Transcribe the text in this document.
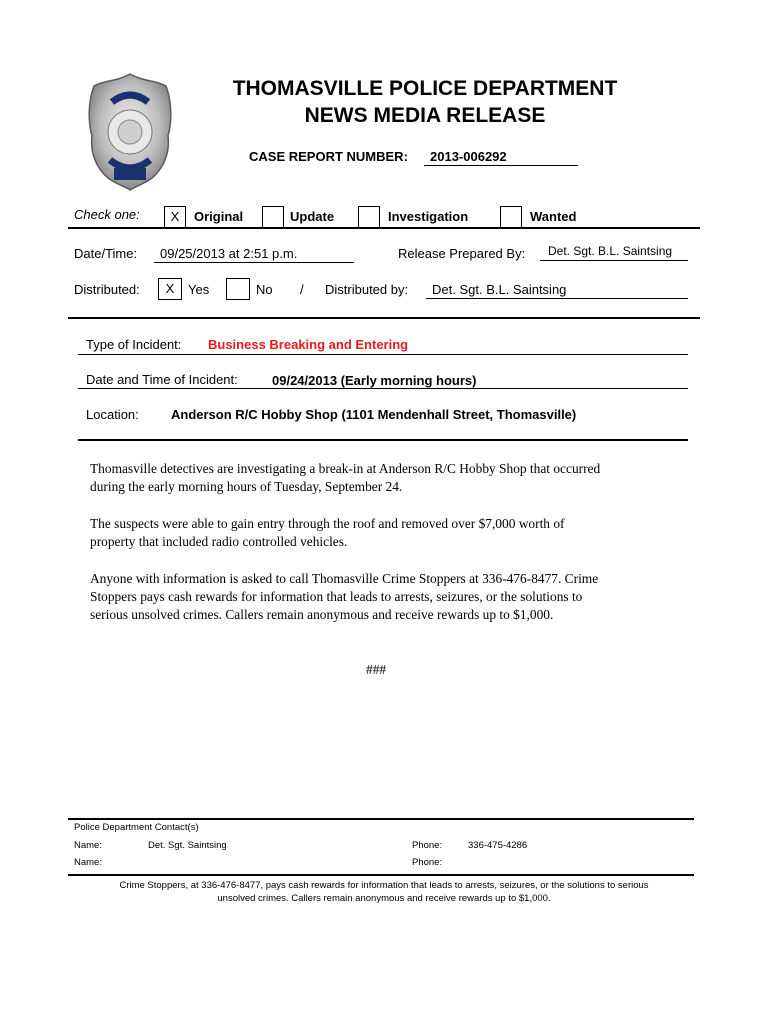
THOMASVILLE POLICE DEPARTMENT
NEWS MEDIA RELEASE
CASE REPORT NUMBER: 2013-006292
Check one:	X	Original	Update	Investigation	Wanted
Date/Time: 09/25/2013 at 2:51 p.m.	Release Prepared By: Det. Sgt. B.L. Saintsing
Distributed:	X	Yes	No / Distributed by: Det. Sgt. B.L. Saintsing
Type of Incident: Business Breaking and Entering
Date and Time of Incident:	09/24/2013 (Early morning hours)
Location: Anderson R/C Hobby Shop (1101 Mendenhall Street, Thomasville)
Thomasville detectives are investigating a break-in at Anderson R/C Hobby Shop that occurred
during the early morning hours of Tuesday, September 24.
The suspects were able to gain entry through the roof and removed over $7,000 worth of
property that included radio controlled vehicles.
Anyone with information is asked to call Thomasville Crime Stoppers at 336-476-8477. Crime
Stoppers pays cash rewards for information that leads to arrests, seizures, or the solutions to
serious unsolved crimes. Callers remain anonymous and receive rewards up to $1,000.
###
Police Department Contact(s)
Name:	Det. Sgt. Saintsing	Phone:	336-475-4286
Name:	Phone:
Crime Stoppers, at 336-476-8477, pays cash rewards for information that leads to arrests, seizures, or the solutions to serious
unsolved crimes. Callers remain anonymous and receive rewards up to $1,000.
